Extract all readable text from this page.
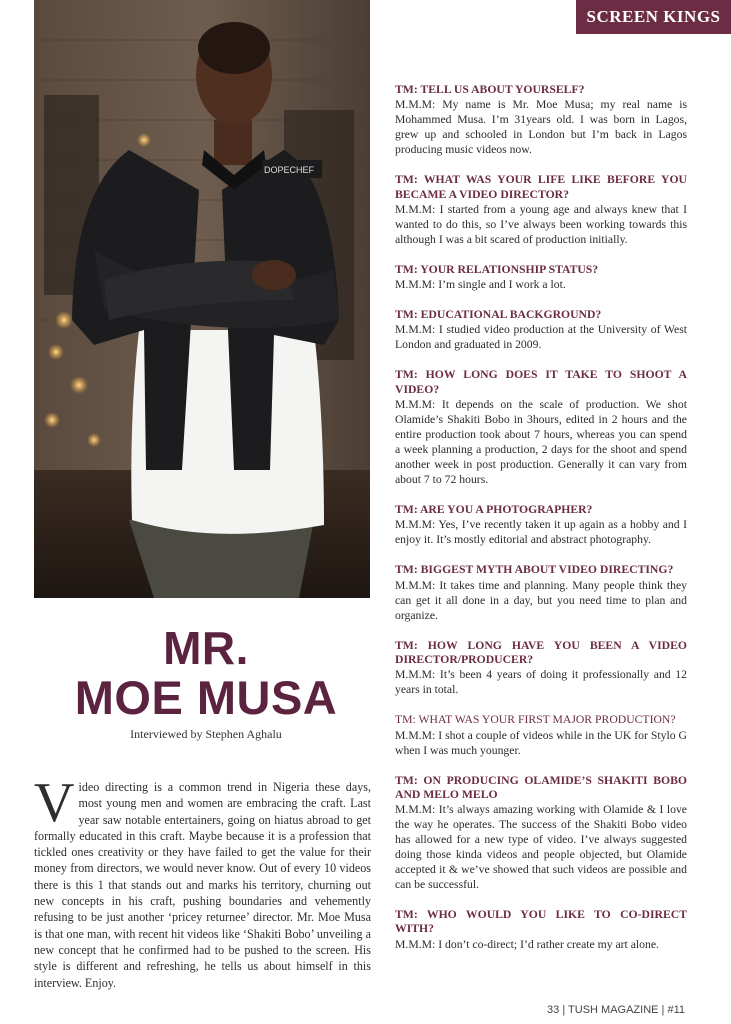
SCREEN KINGS
DOPECHEF
MR.
MOE MUSA
Interviewed by Stephen Aghalu
Video directing is a common trend in Nigeria these days, most young men and women are embracing the craft. Last year saw notable entertainers, going on hiatus abroad to get formally educated in this craft. Maybe because it is a profession that tickled ones creativity or they have failed to get the value for their money from directors, we would never know. Out of every 10 videos there is this 1 that stands out and marks his territory, churning out new concepts in his craft, pushing boundaries and vehemently refusing to be just another ‘pricey returnee’ director. Mr. Moe Musa is that one man, with recent hit videos like ‘Shakiti Bobo’ unveiling a new concept that he confirmed had to be pushed to the screen. His style is different and refreshing, he tells us about himself in this interview. Enjoy.
TM: TELL US ABOUT YOURSELF?
M.M.M: My name is Mr. Moe Musa; my real name is Mohammed Musa. I’m 31years old. I was born in Lagos, grew up and schooled in London but I’m back in Lagos producing music videos now.
TM: WHAT WAS YOUR LIFE LIKE BEFORE YOU BECAME A VIDEO DIRECTOR?
M.M.M: I started from a young age and always knew that I wanted to do this, so I’ve always been working towards this although I was a bit scared of production initially.
TM: YOUR RELATIONSHIP STATUS?
M.M.M: I’m single and I work a lot.
TM: EDUCATIONAL BACKGROUND?
M.M.M: I studied video production at the University of West London and graduated in 2009.
TM: HOW LONG DOES IT TAKE TO SHOOT A VIDEO?
M.M.M: It depends on the scale of production. We shot Olamide’s Shakiti Bobo in 3hours, edited in 2 hours and the entire production took about 7 hours, whereas you can spend a week planning a production, 2 days for the shoot and spend another week in post production. Generally it can vary from about 7 to 72 hours.
TM: ARE YOU A PHOTOGRAPHER?
M.M.M: Yes, I’ve recently taken it up again as a hobby and I enjoy it. It’s mostly editorial and abstract photography.
TM: BIGGEST MYTH ABOUT VIDEO DIRECTING?
M.M.M: It takes time and planning. Many people think they can get it all done in a day, but you need time to plan and organize.
TM: HOW LONG HAVE YOU BEEN A VIDEO DIRECTOR/PRODUCER?
M.M.M: It’s been 4 years of doing it professionally and 12 years in total.
TM: WHAT WAS YOUR FIRST MAJOR PRODUCTION?
M.M.M: I shot a couple of videos while in the UK for Stylo G when I was much younger.
TM: ON PRODUCING OLAMIDE’S SHAKITI BOBO AND MELO MELO
M.M.M: It’s always amazing working with Olamide & I love the way he operates. The success of the Shakiti Bobo video has allowed for a new type of video. I’ve always suggested doing those kinda videos and people objected, but Olamide accepted it & we’ve showed that such videos are possible and can be successful.
TM: WHO WOULD YOU LIKE TO CO-DIRECT WITH?
M.M.M: I don’t co-direct; I’d rather create my art alone.
33 | TUSH MAGAZINE | #11
